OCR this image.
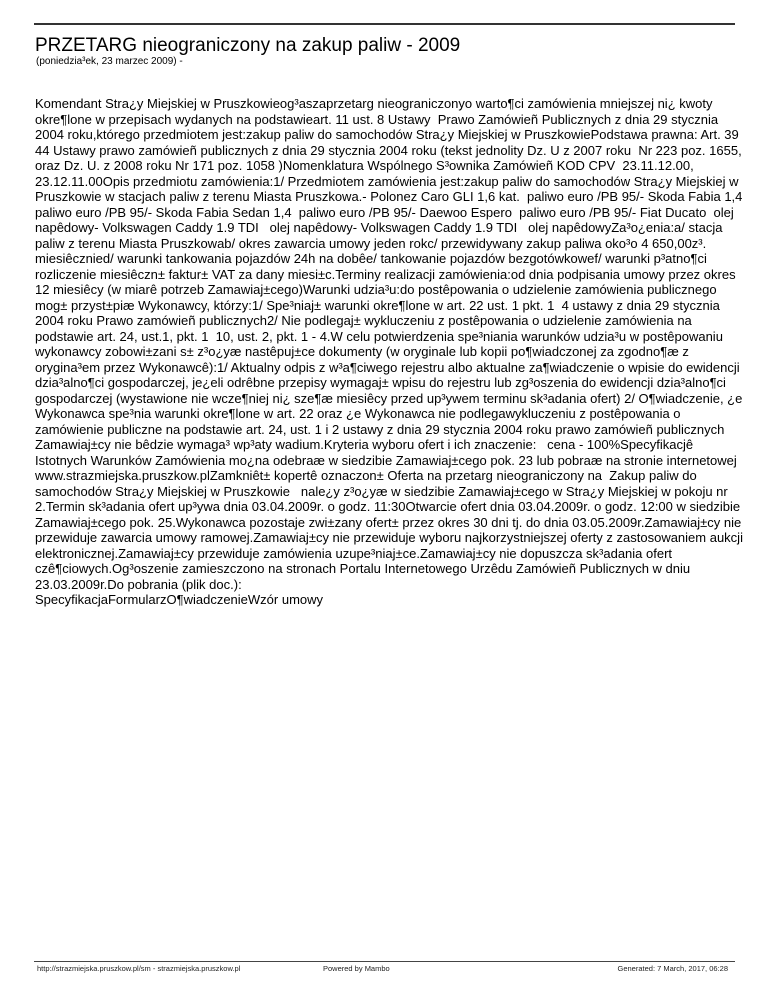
PRZETARG nieograniczony na zakup paliw - 2009
(poniedzia³ek, 23 marzec 2009) -

Komendant Stra¿y Miejskiej w Pruszkowieog³aszaprzetarg nieograniczonyo warto¶ci zamówienia mniejszej ni¿ kwoty okre¶lone w przepisach wydanych na podstawieart. 11 ust. 8 Ustawy  Prawo Zamówieñ Publicznych z dnia 29 stycznia 2004 roku,którego przedmiotem jest:zakup paliw do samochodów Stra¿y Miejskiej w PruszkowiePodstawa prawna: Art. 39 44 Ustawy prawo zamówieñ publicznych z dnia 29 stycznia 2004 roku (tekst jednolity Dz. U z 2007 roku  Nr 223 poz. 1655, oraz Dz. U. z 2008 roku Nr 171 poz. 1058 )Nomenklatura Wspólnego S³ownika Zamówieñ KOD CPV  23.11.12.00, 23.12.11.00Opis przedmiotu zamówienia:1/ Przedmiotem zamówienia jest:zakup paliw do samochodów Stra¿y Miejskiej w Pruszkowie w stacjach paliw z terenu Miasta Pruszkowa.- Polonez Caro GLI 1,6 kat.  paliwo euro /PB 95/- Skoda Fabia 1,4  paliwo euro /PB 95/- Skoda Fabia Sedan 1,4  paliwo euro /PB 95/- Daewoo Espero  paliwo euro /PB 95/- Fiat Ducato  olej napêdowy- Volkswagen Caddy 1.9 TDI   olej napêdowy- Volkswagen Caddy 1.9 TDI   olej napêdowyZa³o¿enia:a/ stacja paliw z terenu Miasta Pruszkowab/ okres zawarcia umowy jeden rokc/ przewidywany zakup paliwa oko³o 4 650,00z³. miesiêcznied/ warunki tankowania pojazdów 24h na dobêe/ tankowanie pojazdów bezgotówkowef/ warunki p³atno¶ci  rozliczenie miesiêczn± faktur± VAT za dany miesi±c.Terminy realizacji zamówienia:od dnia podpisania umowy przez okres 12 miesiêcy (w miarê potrzeb Zamawiaj±cego)Warunki udzia³u:do postêpowania o udzielenie zamówienia publicznego mog± przyst±piæ Wykonawcy, którzy:1/ Spe³niaj± warunki okre¶lone w art. 22 ust. 1 pkt. 1  4 ustawy z dnia 29 stycznia 2004 roku Prawo zamówieñ publicznych2/ Nie podlegaj± wykluczeniu z postêpowania o udzielenie zamówienia na podstawie art. 24, ust.1, pkt. 1  10, ust. 2, pkt. 1 - 4.W celu potwierdzenia spe³niania warunków udzia³u w postêpowaniu wykonawcy zobowi±zani s± z³o¿yæ nastêpuj±ce dokumenty (w oryginale lub kopii po¶wiadczonej za zgodno¶æ z orygina³em przez Wykonawcê):1/ Aktualny odpis z w³a¶ciwego rejestru albo aktualne za¶wiadczenie o wpisie do ewidencji dzia³alno¶ci gospodarczej, je¿eli odrêbne przepisy wymagaj± wpisu do rejestru lub zg³oszenia do ewidencji dzia³alno¶ci gospodarczej (wystawione nie wcze¶niej ni¿ sze¶æ miesiêcy przed up³ywem terminu sk³adania ofert) 2/ O¶wiadczenie, ¿e Wykonawca spe³nia warunki okre¶lone w art. 22 oraz ¿e Wykonawca nie podlegawykluczeniu z postêpowania o zamówienie publiczne na podstawie art. 24, ust. 1 i 2 ustawy z dnia 29 stycznia 2004 roku prawo zamówieñ publicznych Zamawiaj±cy nie bêdzie wymaga³ wp³aty wadium.Kryteria wyboru ofert i ich znaczenie:   cena - 100%Specyfikacjê Istotnych Warunków Zamówienia mo¿na odebraæ w siedzibie Zamawiaj±cego pok. 23 lub pobraæ na stronie internetowej www.strazmiejska.pruszkow.plZamkniêt± kopertê oznaczon± Oferta na przetarg nieograniczony na  Zakup paliw do samochodów Stra¿y Miejskiej w Pruszkowie   nale¿y z³o¿yæ w siedzibie Zamawiaj±cego w Stra¿y Miejskiej w pokoju nr 2.Termin sk³adania ofert up³ywa dnia 03.04.2009r. o godz. 11:30Otwarcie ofert dnia 03.04.2009r. o godz. 12:00 w siedzibie Zamawiaj±cego pok. 25.Wykonawca pozostaje zwi±zany ofert± przez okres 30 dni tj. do dnia 03.05.2009r.Zamawiaj±cy nie przewiduje zawarcia umowy ramowej.Zamawiaj±cy nie przewiduje wyboru najkorzystniejszej oferty z zastosowaniem aukcji elektronicznej.Zamawiaj±cy przewiduje zamówienia uzupe³niaj±ce.Zamawiaj±cy nie dopuszcza sk³adania ofert czê¶ciowych.Og³oszenie zamieszczono na stronach Portalu Internetowego Urzêdu Zamówieñ Publicznych w dniu 23.03.2009r.Do pobrania (plik doc.):

SpecyfikacjaFormularzO¶wiadczenieWzór umowy

http://strazmiejska.pruszkow.pl/sm - strazmiejska.pruszkow.pl	Powered by Mambo	Generated: 7 March, 2017, 06:28
